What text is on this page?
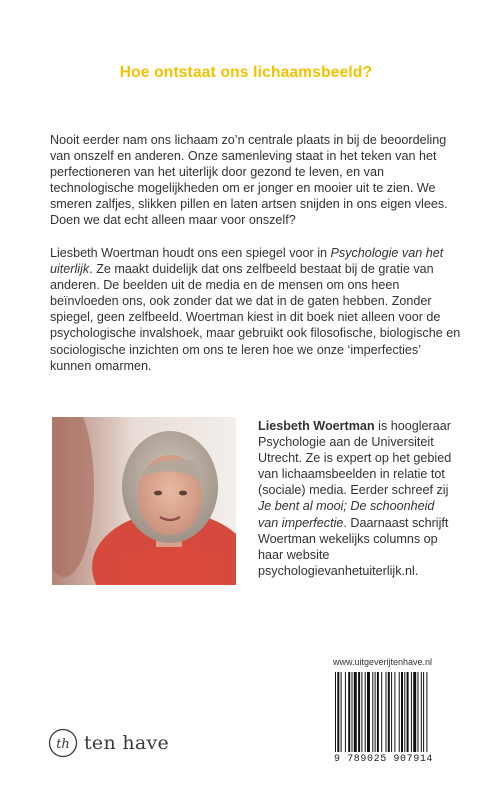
Hoe ontstaat ons lichaamsbeeld?

Nooit eerder nam ons lichaam zo’n centrale plaats in bij de beoordeling van onszelf en anderen. Onze samenleving staat in het teken van het perfectioneren van het uiterlijk door gezond te leven, en van technologische mogelijkheden om er jonger en mooier uit te zien. We smeren zalfjes, slikken pillen en laten artsen snijden in ons eigen vlees. Doen we dat echt alleen maar voor onszelf?

Liesbeth Woertman houdt ons een spiegel voor in Psychologie van het uiterlijk. Ze maakt duidelijk dat ons zelfbeeld bestaat bij de gratie van anderen. De beelden uit de media en de mensen om ons heen beïnvloeden ons, ook zonder dat we dat in de gaten hebben. Zonder spiegel, geen zelfbeeld. Woertman kiest in dit boek niet alleen voor de psychologische invalshoek, maar gebruikt ook filosofische, biologische en sociologische inzichten om ons te leren hoe we onze ‘imperfecties’ kunnen omarmen.

Liesbeth Woertman is hoogleraar Psychologie aan de Universiteit Utrecht. Ze is expert op het gebied van lichaamsbeelden in relatie tot (sociale) media. Eerder schreef zij Je bent al mooi; De schoonheid van imperfectie. Daarnaast schrijft Woertman wekelijks columns op haar website psychologievanhetuiterlijk.nl.

www.uitgeverijtenhave.nl
9 789025 907914
th ten have
